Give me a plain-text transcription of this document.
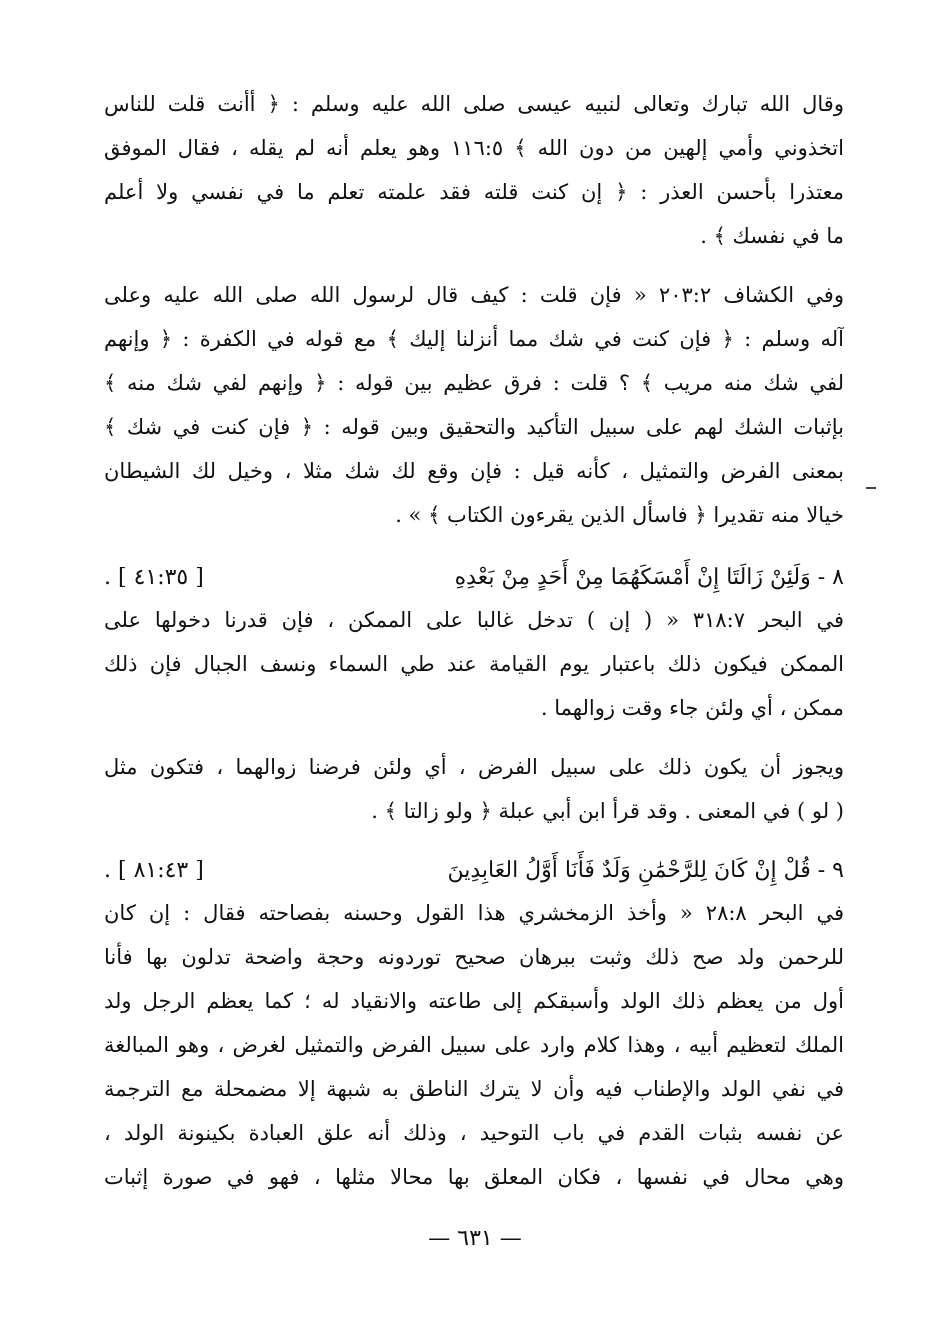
وقال الله تبارك وتعالى لنبيه عيسى صلى الله عليه وسلم : ﴿ أأنت قلت للناس
اتخذوني وأمي إلهين من دون الله ﴾ ١١٦:٥ وهو يعلم أنه لم يقله ، فقال الموفق
معتذرا بأحسن العذر : ﴿ إن كنت قلته فقد علمته تعلم ما في نفسي ولا أعلم
ما في نفسك ﴾ .
وفي الكشاف ٢٠٣:٢ « فإن قلت : كيف قال لرسول الله صلى الله عليه وعلى
آله وسلم : ﴿ فإن كنت في شك مما أنزلنا إليك ﴾ مع قوله في الكفرة : ﴿ وإنهم
لفي شك منه مريب ﴾ ؟ قلت : فرق عظيم بين قوله : ﴿ وإنهم لفي شك منه ﴾
بإثبات الشك لهم على سبيل التأكيد والتحقيق وبين قوله : ﴿ فإن كنت في شك ﴾
بمعنى الفرض والتمثيل ، كأنه قيل : فإن وقع لك شك مثلا ، وخيل لك الشيطان
خيالا منه تقديرا ﴿ فاسأل الذين يقرءون الكتاب ﴾ » .
٨ - وَلَئِنْ زَالَتَا إِنْ أَمْسَكَهُمَا مِنْ أَحَدٍ مِنْ بَعْدِهِ
[ ٤١:٣٥ ] .
في البحر ٣١٨:٧ « ( إن ) تدخل غالبا على الممكن ، فإن قدرنا دخولها على
الممكن فيكون ذلك باعتبار يوم القيامة عند طي السماء ونسف الجبال فإن ذلك
ممكن ، أي ولئن جاء وقت زوالهما .
ويجوز أن يكون ذلك على سبيل الفرض ، أي ولئن فرضنا زوالهما ، فتكون مثل
( لو ) في المعنى . وقد قرأ ابن أبي عبلة ﴿ ولو زالتا ﴾ .
٩ - قُلْ إِنْ كَانَ لِلرَّحْمَٰنِ وَلَدٌ فَأَنَا أَوَّلُ العَابِدِينَ
[ ٨١:٤٣ ] .
في البحر ٢٨:٨ « وأخذ الزمخشري هذا القول وحسنه بفصاحته فقال : إن كان
للرحمن ولد صح ذلك وثبت ببرهان صحيح توردونه وحجة واضحة تدلون بها فأنا
أول من يعظم ذلك الولد وأسبقكم إلى طاعته والانقياد له ؛ كما يعظم الرجل ولد
الملك لتعظيم أبيه ، وهذا كلام وارد على سبيل الفرض والتمثيل لغرض ، وهو المبالغة
في نفي الولد والإطناب فيه وأن لا يترك الناطق به شبهة إلا مضمحلة مع الترجمة
عن نفسه بثبات القدم في باب التوحيد ، وذلك أنه علق العبادة بكينونة الولد ،
وهي محال في نفسها ، فكان المعلق بها محالا مثلها ، فهو في صورة إثبات
— ٦٣١ —
